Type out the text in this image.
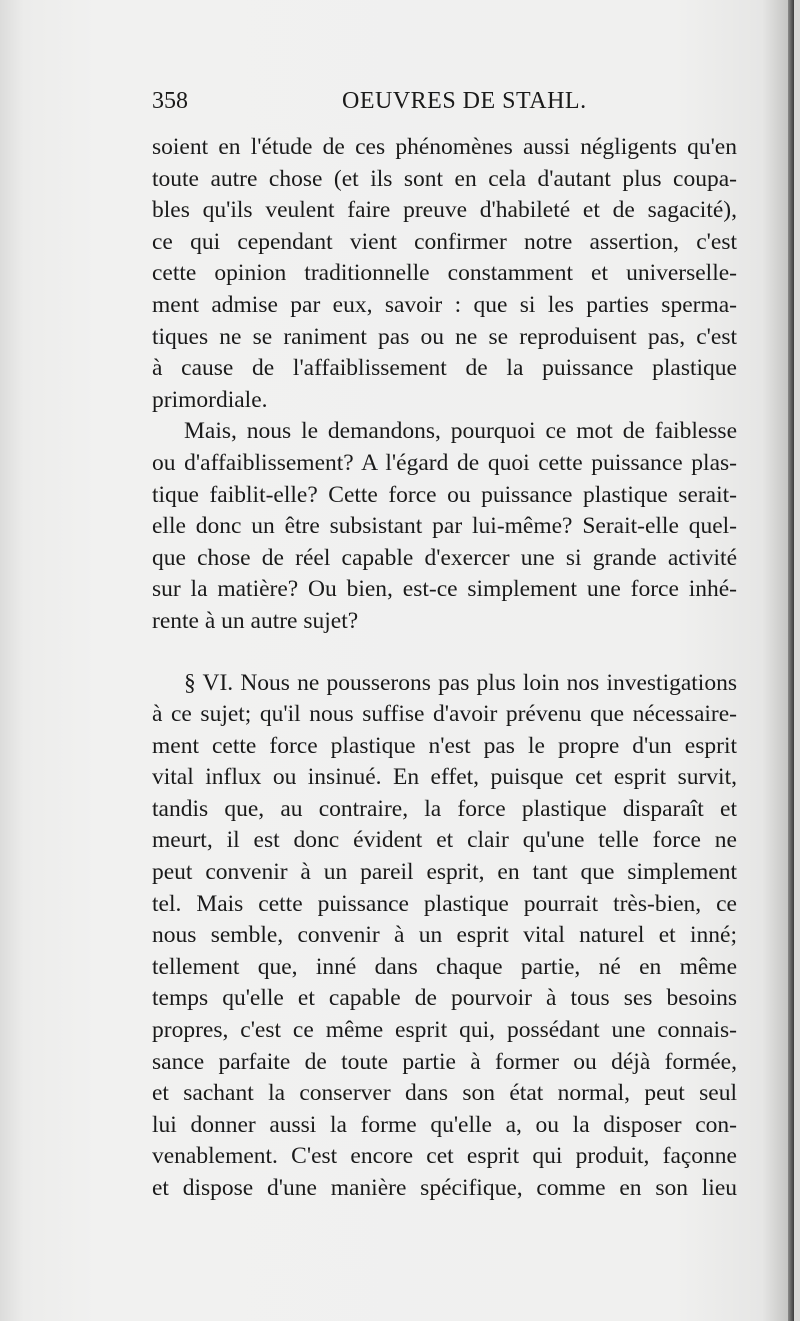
358	OEUVRES DE STAHL.
soient en l'étude de ces phénomènes aussi négligents qu'en
toute autre chose (et ils sont en cela d'autant plus coupa-
bles qu'ils veulent faire preuve d'habileté et de sagacité),
ce qui cependant vient confirmer notre assertion, c'est
cette opinion traditionnelle constamment et universelle-
ment admise par eux, savoir : que si les parties sperma-
tiques ne se raniment pas ou ne se reproduisent pas, c'est
à cause de l'affaiblissement de la puissance plastique
primordiale.
Mais, nous le demandons, pourquoi ce mot de faiblesse
ou d'affaiblissement? A l'égard de quoi cette puissance plas-
tique faiblit-elle? Cette force ou puissance plastique serait-
elle donc un être subsistant par lui-même? Serait-elle quel-
que chose de réel capable d'exercer une si grande activité
sur la matière? Ou bien, est-ce simplement une force inhé-
rente à un autre sujet?
§ VI. Nous ne pousserons pas plus loin nos investigations
à ce sujet; qu'il nous suffise d'avoir prévenu que nécessaire-
ment cette force plastique n'est pas le propre d'un esprit
vital influx ou insinué. En effet, puisque cet esprit survit,
tandis que, au contraire, la force plastique disparaît et
meurt, il est donc évident et clair qu'une telle force ne
peut convenir à un pareil esprit, en tant que simplement
tel. Mais cette puissance plastique pourrait très-bien, ce
nous semble, convenir à un esprit vital naturel et inné;
tellement que, inné dans chaque partie, né en même
temps qu'elle et capable de pourvoir à tous ses besoins
propres, c'est ce même esprit qui, possédant une connais-
sance parfaite de toute partie à former ou déjà formée,
et sachant la conserver dans son état normal, peut seul
lui donner aussi la forme qu'elle a, ou la disposer con-
venablement. C'est encore cet esprit qui produit, façonne
et dispose d'une manière spécifique, comme en son lieu
